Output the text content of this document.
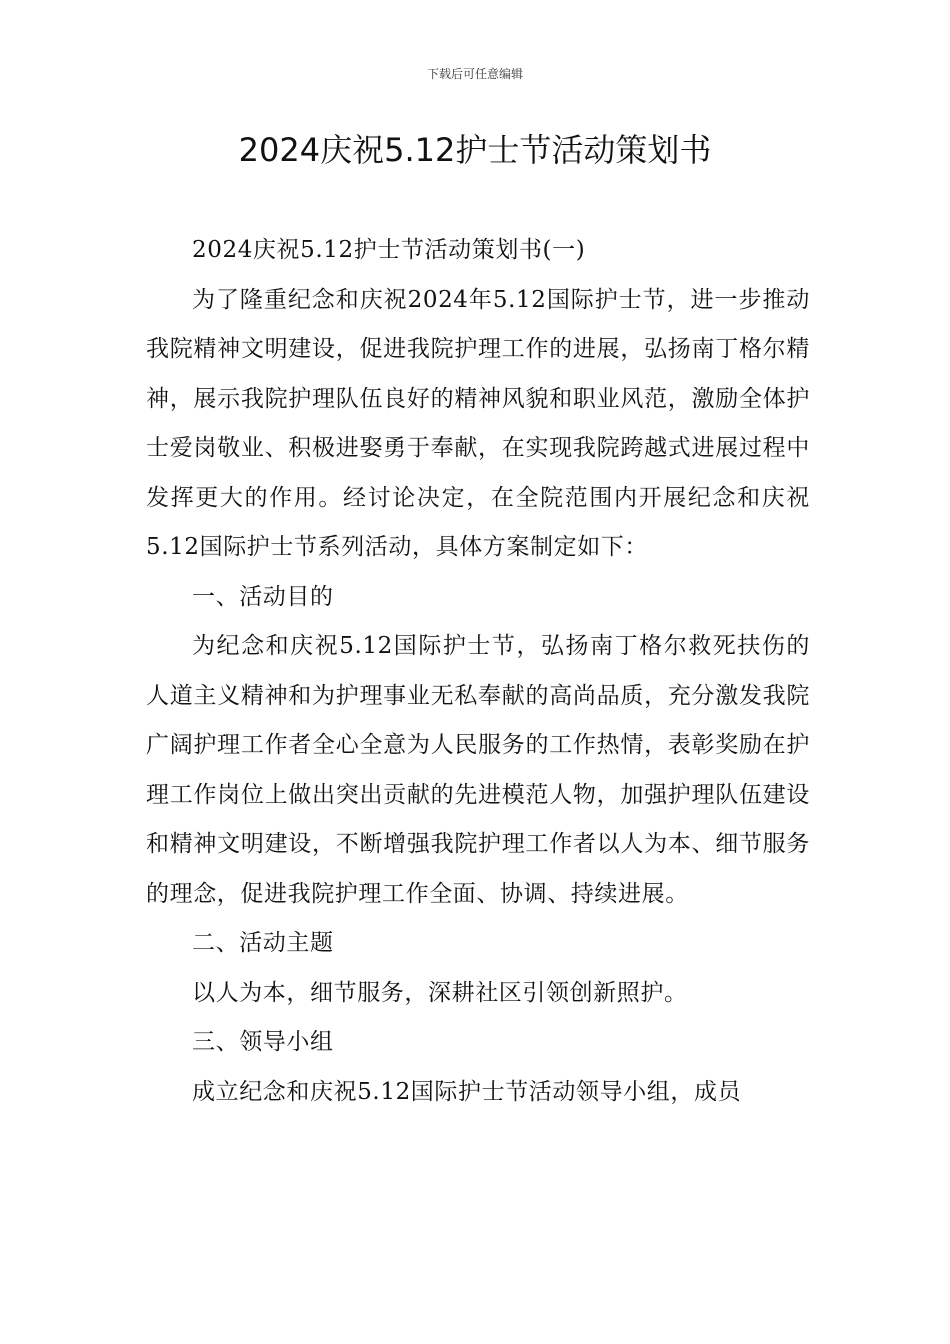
下载后可任意编辑
2024庆祝5.12护士节活动策划书

2024庆祝5.12护士节活动策划书(一)

为了隆重纪念和庆祝2024年5.12国际护士节，进一步推动我院精神文明建设，促进我院护理工作的进展，弘扬南丁格尔精神，展示我院护理队伍良好的精神风貌和职业风范，激励全体护士爱岗敬业、积极进娶勇于奉献，在实现我院跨越式进展过程中发挥更大的作用。经讨论决定，在全院范围内开展纪念和庆祝 5.12国际护士节系列活动，具体方案制定如下：

一、活动目的

为纪念和庆祝5.12国际护士节，弘扬南丁格尔救死扶伤的人道主义精神和为护理事业无私奉献的高尚品质，充分激发我院广阔护理工作者全心全意为人民服务的工作热情，表彰奖励在护理工作岗位上做出突出贡献的先进模范人物，加强护理队伍建设和精神文明建设，不断增强我院护理工作者以人为本、细节服务的理念，促进我院护理工作全面、协调、持续进展。

二、活动主题

以人为本，细节服务，深耕社区引领创新照护。

三、领导小组

成立纪念和庆祝5.12国际护士节活动领导小组，成员
